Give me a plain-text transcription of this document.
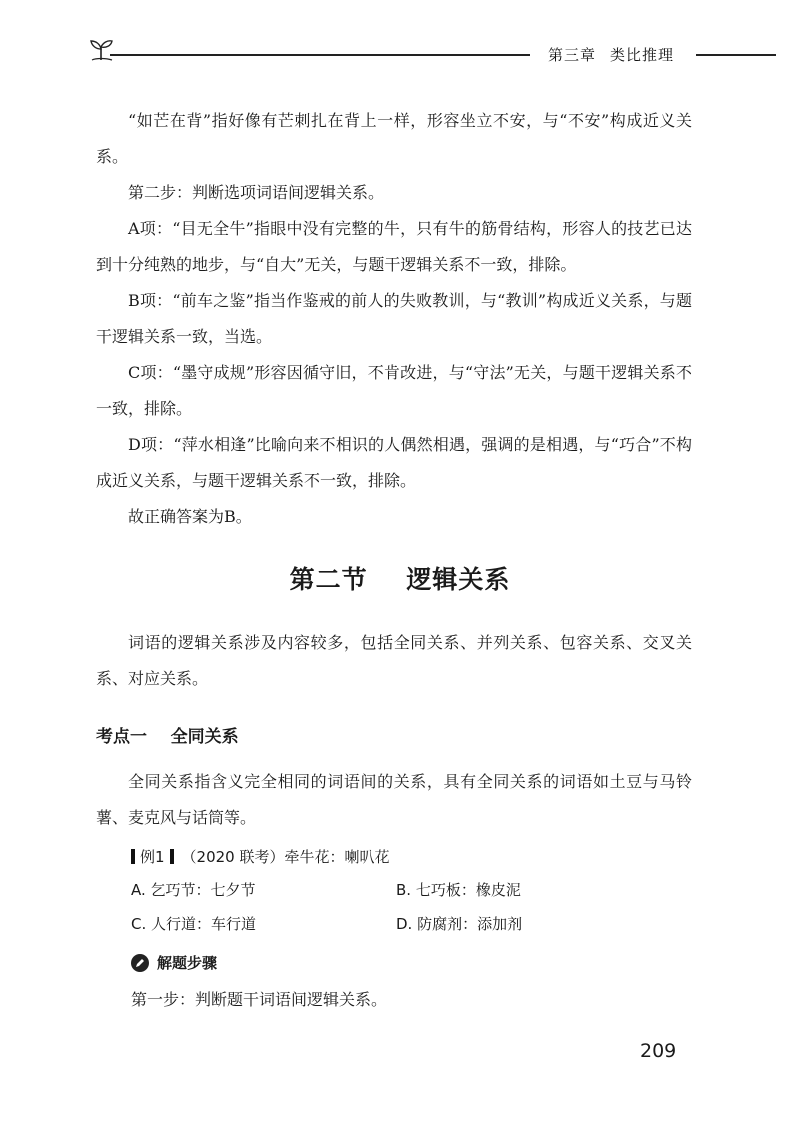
第三章 类比推理

“如芒在背”指好像有芒刺扎在背上一样，形容坐立不安，与“不安”构成近义关系。

第二步：判断选项词语间逻辑关系。

A项：“目无全牛”指眼中没有完整的牛，只有牛的筋骨结构，形容人的技艺已达到十分纯熟的地步，与“自大”无关，与题干逻辑关系不一致，排除。

B项：“前车之鉴”指当作鉴戒的前人的失败教训，与“教训”构成近义关系，与题干逻辑关系一致，当选。

C项：“墨守成规”形容因循守旧，不肯改进，与“守法”无关，与题干逻辑关系不一致，排除。

D项：“萍水相逢”比喻向来不相识的人偶然相遇，强调的是相遇，与“巧合”不构成近义关系，与题干逻辑关系不一致，排除。

故正确答案为B。

第二节    逻辑关系

词语的逻辑关系涉及内容较多，包括全同关系、并列关系、包容关系、交叉关系、对应关系。

考点一    全同关系

全同关系指含义完全相同的词语间的关系，具有全同关系的词语如土豆与马铃薯、麦克风与话筒等。

例1 （2020 联考）牵牛花：喇叭花
A. 乞巧节：七夕节	B. 七巧板：橡皮泥
C. 人行道：车行道	D. 防腐剂：添加剂
解题步骤

第一步：判断题干词语间逻辑关系。

209
